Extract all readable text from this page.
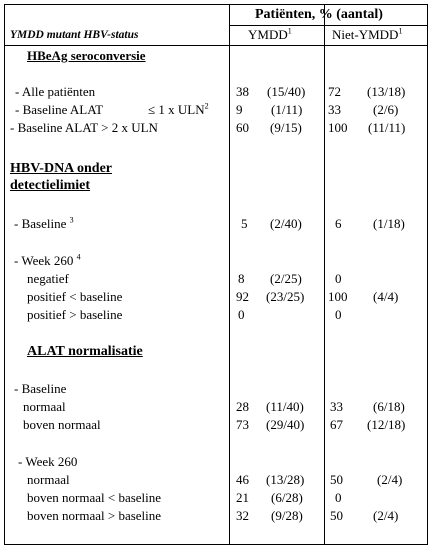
Patiënten, % (aantal)
YMDD mutant HBV-status	YMDD$^1$	Niet-YMDD$^1$
HBeAg seroconversie
- Alle patiënten	38 (15/40) 72 (13/18)
- Baseline ALAT	≤ 1 x ULN$^2$ 9 (1/11) 33 (2/6)
- Baseline ALAT > 2 x ULN	60 (9/15) 100 (11/11)
HBV-DNA onder
detectielimiet
- Baseline $^3$	5 (2/40)	6 (1/18)
- Week 260 $^4$
negatief	8 (2/25)	0
positief < baseline	92 (23/25) 100 (4/4)
positief > baseline	0	0
ALAT normalisatie
- Baseline
normaal	28 (11/40) 33 (6/18)
boven normaal	73 (29/40) 67 (12/18)
- Week 260
normaal	46 (13/28) 50	(2/4)
boven normaal < baseline	21 (6/28) 0
boven normaal > baseline	32 (9/28) 50 (2/4)
